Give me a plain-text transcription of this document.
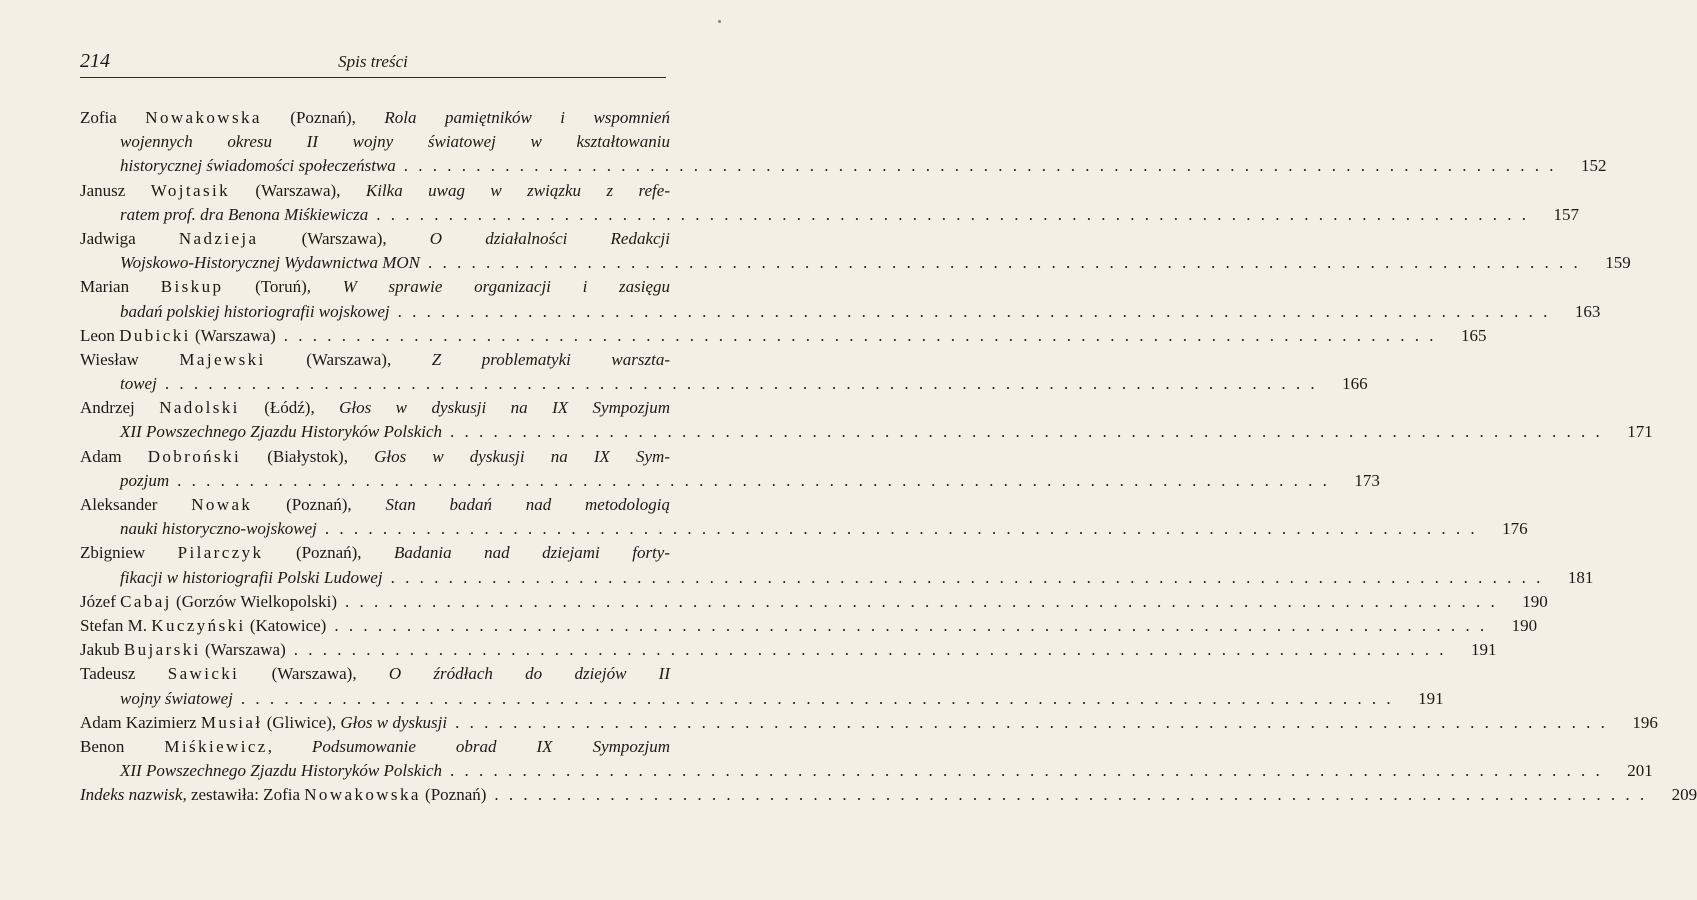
214	Spis treści
Zofia Nowakowska (Poznań), Rola pamiętników i wspomnień
wojennych okresu II wojny światowej w kształtowaniu
historycznej świadomości społeczeństwa . . . . . . . . . . . . . . . . . . . . . . . . . . . . . . . . . . . . . . . . . . . . . . . . . . . . . . . . . . . . . . . . . . . . . . . . . . . . . . . .	152
Janusz Wojtasik (Warszawa), Kilka uwag w związku z refe-
ratem prof. dra Benona Miśkiewicza . . . . . . . . . . . . . . . . . . . . . . . . . . . . . . . . . . . . . . . . . . . . . . . . . . . . . . . . . . . . . . . . . . . . . . . . . . . . . . . .	157
Jadwiga Nadzieja (Warszawa), O działalności Redakcji
Wojskowo-Historycznej Wydawnictwa MON . . . . . . . . . . . . . . . . . . . . . . . . . . . . . . . . . . . . . . . . . . . . . . . . . . . . . . . . . . . . . . . . . . . . . . . . . . . . . . . .	159
Marian Biskup (Toruń), W sprawie organizacji i zasięgu
badań polskiej historiografii wojskowej . . . . . . . . . . . . . . . . . . . . . . . . . . . . . . . . . . . . . . . . . . . . . . . . . . . . . . . . . . . . . . . . . . . . . . . . . . . . . . . .	163
Leon Dubicki (Warszawa) . . . . . . . . . . . . . . . . . . . . . . . . . . . . . . . . . . . . . . . . . . . . . . . . . . . . . . . . . . . . . . . . . . . . . . . . . . . . . . . .	165
Wiesław Majewski (Warszawa), Z problematyki warszta-
towej . . . . . . . . . . . . . . . . . . . . . . . . . . . . . . . . . . . . . . . . . . . . . . . . . . . . . . . . . . . . . . . . . . . . . . . . . . . . . . . .	166
Andrzej Nadolski (Łódź), Głos w dyskusji na IX Sympozjum
XII Powszechnego Zjazdu Historyków Polskich . . . . . . . . . . . . . . . . . . . . . . . . . . . . . . . . . . . . . . . . . . . . . . . . . . . . . . . . . . . . . . . . . . . . . . . . . . . . . . . .	171
Adam Dobroński (Białystok), Głos w dyskusji na IX Sym-
pozjum . . . . . . . . . . . . . . . . . . . . . . . . . . . . . . . . . . . . . . . . . . . . . . . . . . . . . . . . . . . . . . . . . . . . . . . . . . . . . . . .	173
Aleksander Nowak (Poznań), Stan badań nad metodologią
nauki historyczno-wojskowej . . . . . . . . . . . . . . . . . . . . . . . . . . . . . . . . . . . . . . . . . . . . . . . . . . . . . . . . . . . . . . . . . . . . . . . . . . . . . . . .	176
Zbigniew Pilarczyk (Poznań), Badania nad dziejami forty-
fikacji w historiografii Polski Ludowej . . . . . . . . . . . . . . . . . . . . . . . . . . . . . . . . . . . . . . . . . . . . . . . . . . . . . . . . . . . . . . . . . . . . . . . . . . . . . . . .	181
Józef Cabaj (Gorzów Wielkopolski) . . . . . . . . . . . . . . . . . . . . . . . . . . . . . . . . . . . . . . . . . . . . . . . . . . . . . . . . . . . . . . . . . . . . . . . . . . . . . . . .	190
Stefan M. Kuczyński (Katowice) . . . . . . . . . . . . . . . . . . . . . . . . . . . . . . . . . . . . . . . . . . . . . . . . . . . . . . . . . . . . . . . . . . . . . . . . . . . . . . . .	190
Jakub Bujarski (Warszawa) . . . . . . . . . . . . . . . . . . . . . . . . . . . . . . . . . . . . . . . . . . . . . . . . . . . . . . . . . . . . . . . . . . . . . . . . . . . . . . . .	191
Tadeusz Sawicki (Warszawa), O źródłach do dziejów II
wojny światowej . . . . . . . . . . . . . . . . . . . . . . . . . . . . . . . . . . . . . . . . . . . . . . . . . . . . . . . . . . . . . . . . . . . . . . . . . . . . . . . .	191
Adam Kazimierz Musiał (Gliwice), Głos w dyskusji . . . . . . . . . . . . . . . . . . . . . . . . . . . . . . . . . . . . . . . . . . . . . . . . . . . . . . . . . . . . . . . . . . . . . . . . . . . . . . . .	196
Benon Miśkiewicz, Podsumowanie obrad IX Sympozjum
XII Powszechnego Zjazdu Historyków Polskich . . . . . . . . . . . . . . . . . . . . . . . . . . . . . . . . . . . . . . . . . . . . . . . . . . . . . . . . . . . . . . . . . . . . . . . . . . . . . . . .	201
Indeks nazwisk, zestawiła: Zofia Nowakowska (Poznań) . . . . . . . . . . . . . . . . . . . . . . . . . . . . . . . . . . . . . . . . . . . . . . . . . . . . . . . . . . . . . . . . . . . . . . . . . . . . . . . .	209
